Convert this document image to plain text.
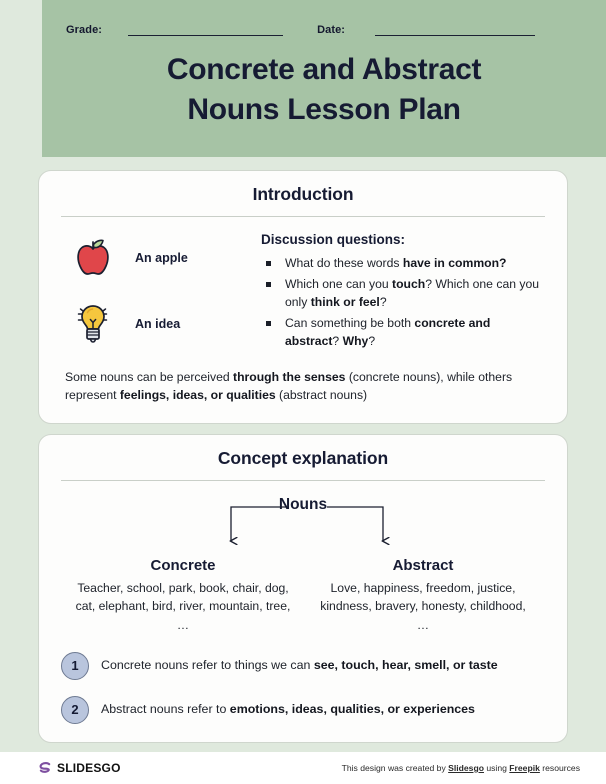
Grade:	Date:
Concrete and Abstract
Nouns Lesson Plan
Introduction
An apple
An idea
Discussion questions:
What do these words have in common?
Which one can you touch? Which one can you only think or feel?
Can something be both concrete and abstract? Why?
Some nouns can be perceived through the senses (concrete nouns), while others represent feelings, ideas, or qualities (abstract nouns)
Concept explanation
Nouns
Concrete
Teacher, school, park, book, chair, dog, cat, elephant, bird, river, mountain, tree, …
Abstract
Love, happiness, freedom, justice, kindness, bravery, honesty, childhood, …
1	Concrete nouns refer to things we can see, touch, hear, smell, or taste
2	Abstract nouns refer to emotions, ideas, qualities, or experiences
SLIDESGO	This design was created by Slidesgo using Freepik resources
